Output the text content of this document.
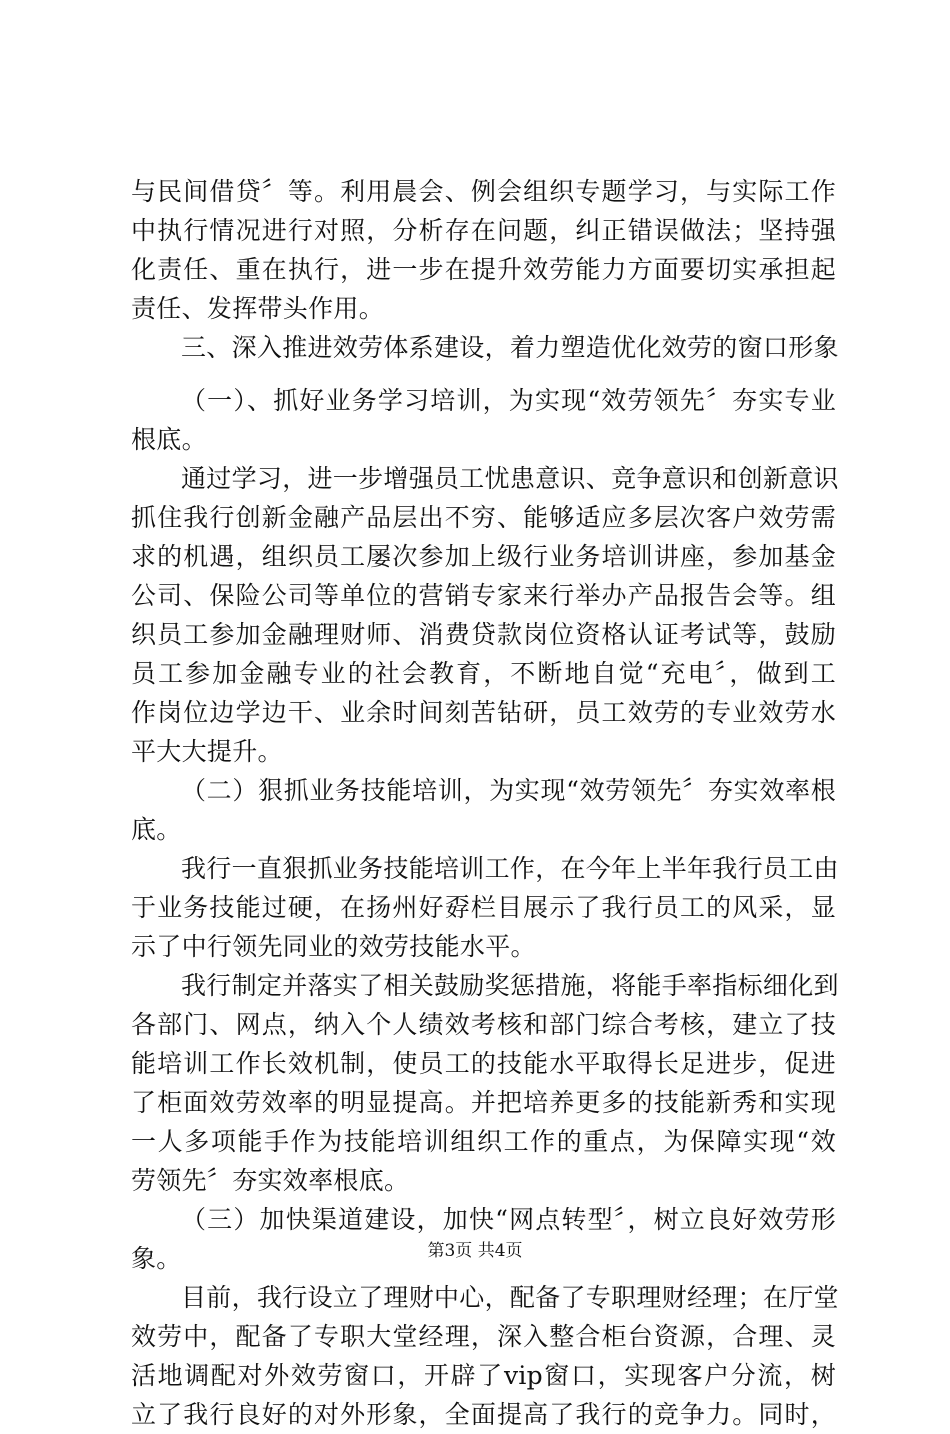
与民间借贷〞等。利用晨会、例会组织专题学习，与实际工作
中执行情况进行对照，分析存在问题，纠正错误做法；坚持强
化责任、重在执行，进一步在提升效劳能力方面要切实承担起
责任、发挥带头作用。
三、深入推进效劳体系建设，着力塑造优化效劳的窗口形象
（一）、抓好业务学习培训，为实现“效劳领先〞夯实专业
根底。
通过学习，进一步增强员工忧患意识、竞争意识和创新意识
抓住我行创新金融产品层出不穷、能够适应多层次客户效劳需
求的机遇，组织员工屡次参加上级行业务培训讲座，参加基金
公司、保险公司等单位的营销专家来行举办产品报告会等。组
织员工参加金融理财师、消费贷款岗位资格认证考试等，鼓励
员工参加金融专业的社会教育，不断地自觉“充电〞，做到工
作岗位边学边干、业余时间刻苦钻研，员工效劳的专业效劳水
平大大提升。
（二）狠抓业务技能培训，为实现“效劳领先〞夯实效率根
底。
我行一直狠抓业务技能培训工作，在今年上半年我行员工由
于业务技能过硬，在扬州好孬栏目展示了我行员工的风采，显
示了中行领先同业的效劳技能水平。
我行制定并落实了相关鼓励奖惩措施，将能手率指标细化到
各部门、网点，纳入个人绩效考核和部门综合考核，建立了技
能培训工作长效机制，使员工的技能水平取得长足进步，促进
了柜面效劳效率的明显提高。并把培养更多的技能新秀和实现
一人多项能手作为技能培训组织工作的重点，为保障实现“效
劳领先〞夯实效率根底。
（三）加快渠道建设，加快“网点转型〞，树立良好效劳形
象。
目前，我行设立了理财中心，配备了专职理财经理；在厅堂
效劳中，配备了专职大堂经理，深入整合柜台资源，合理、灵
活地调配对外效劳窗口，开辟了vip窗口，实现客户分流，树
立了我行良好的对外形象，全面提高了我行的竞争力。同时，
第3页 共4页
